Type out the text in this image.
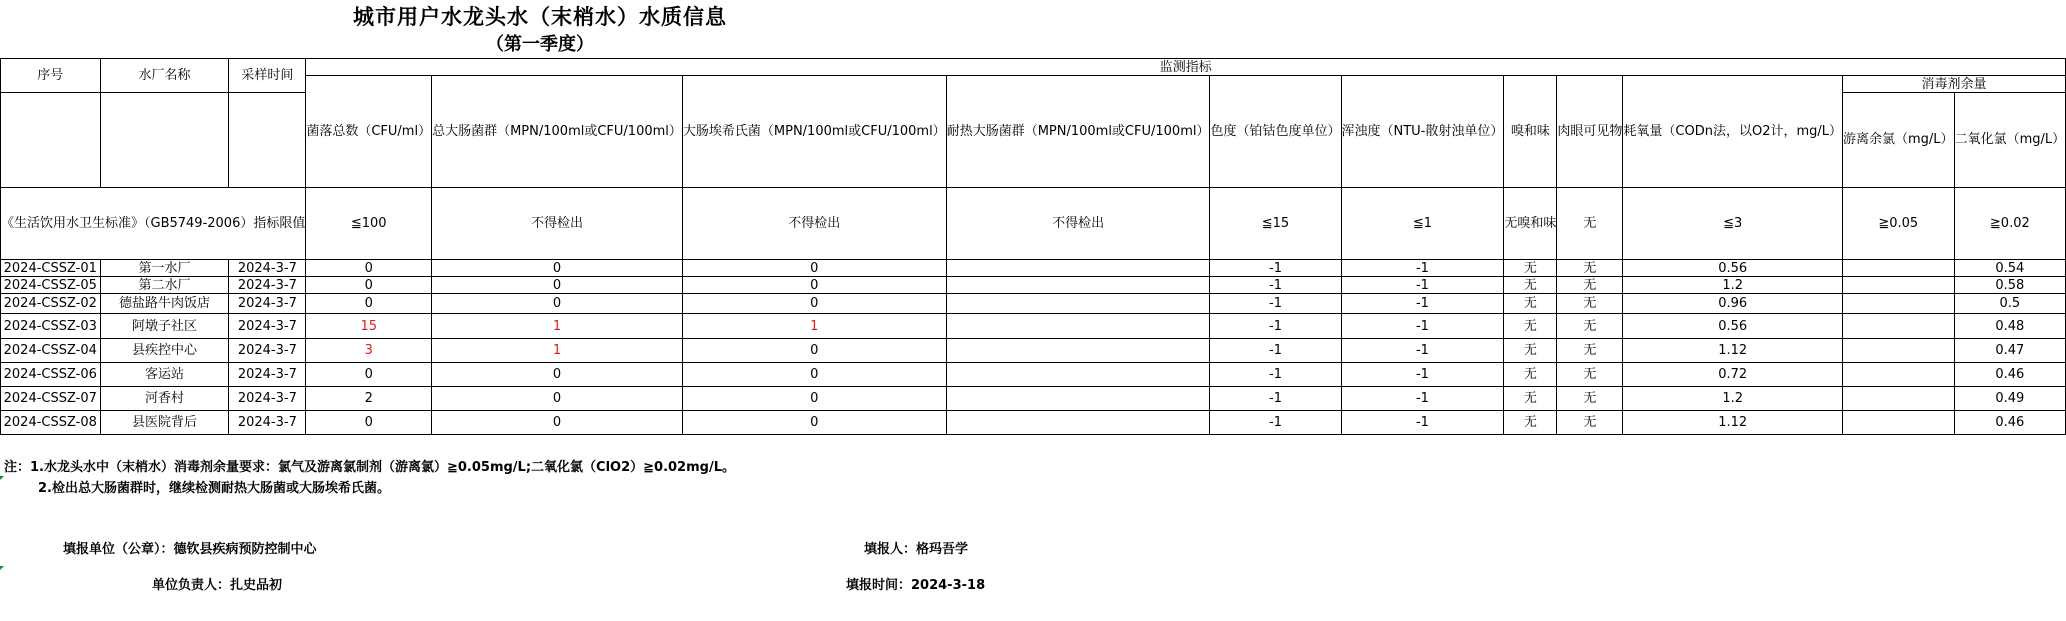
城市用户水龙头水（末梢水）水质信息
（第一季度）
序号	水厂名称	采样时间	监测指标										

			菌落总数（CFU/ml）	总大肠菌群（MPN/100ml或CFU/100ml）	大肠埃希氏菌（MPN/100ml或CFU/100ml）	耐热大肠菌群（MPN/100ml或CFU/100ml）	色度（铂钴色度单位）	浑浊度（NTU-散射浊单位）	嗅和味	肉眼可见物	耗氧量（CODn法，以O2计，mg/L）	消毒剂余量	

												游离余氯（mg/L）	二氧化氯（mg/L）

《生活饮用水卫生标准》（GB5749-2006）指标限值			≦100	不得检出	不得检出	不得检出	≦15	≦1	无嗅和味	无	≦3	≧0.05	≧0.02
2024-CSSZ-01	第一水厂	2024-3-7	0	0	0		-1	-1	无	无	0.56		0.54
2024-CSSZ-05	第二水厂	2024-3-7	0	0	0		-1	-1	无	无	1.2		0.58
2024-CSSZ-02	德盐路牛肉饭店	2024-3-7	0	0	0		-1	-1	无	无	0.96		0.5
2024-CSSZ-03	阿墩子社区	2024-3-7	15	1	1		-1	-1	无	无	0.56		0.48
2024-CSSZ-04	县疾控中心	2024-3-7	3	1	0		-1	-1	无	无	1.12		0.47
2024-CSSZ-06	客运站	2024-3-7	0	0	0		-1	-1	无	无	0.72		0.46
2024-CSSZ-07	河香村	2024-3-7	2	0	0		-1	-1	无	无	1.2		0.49
2024-CSSZ-08	县医院背后	2024-3-7	0	0	0		-1	-1	无	无	1.12		0.46
注：1.水龙头水中（末梢水）消毒剂余量要求：氯气及游离氯制剂（游离氯）≧0.05mg/L;二氧化氯（ClO2）≧0.02mg/L。
2.检出总大肠菌群时，继续检测耐热大肠菌或大肠埃希氏菌。
填报单位（公章）：德钦县疾病预防控制中心	填报人：格玛吾学
单位负责人：扎史品初	填报时间：2024-3-18
